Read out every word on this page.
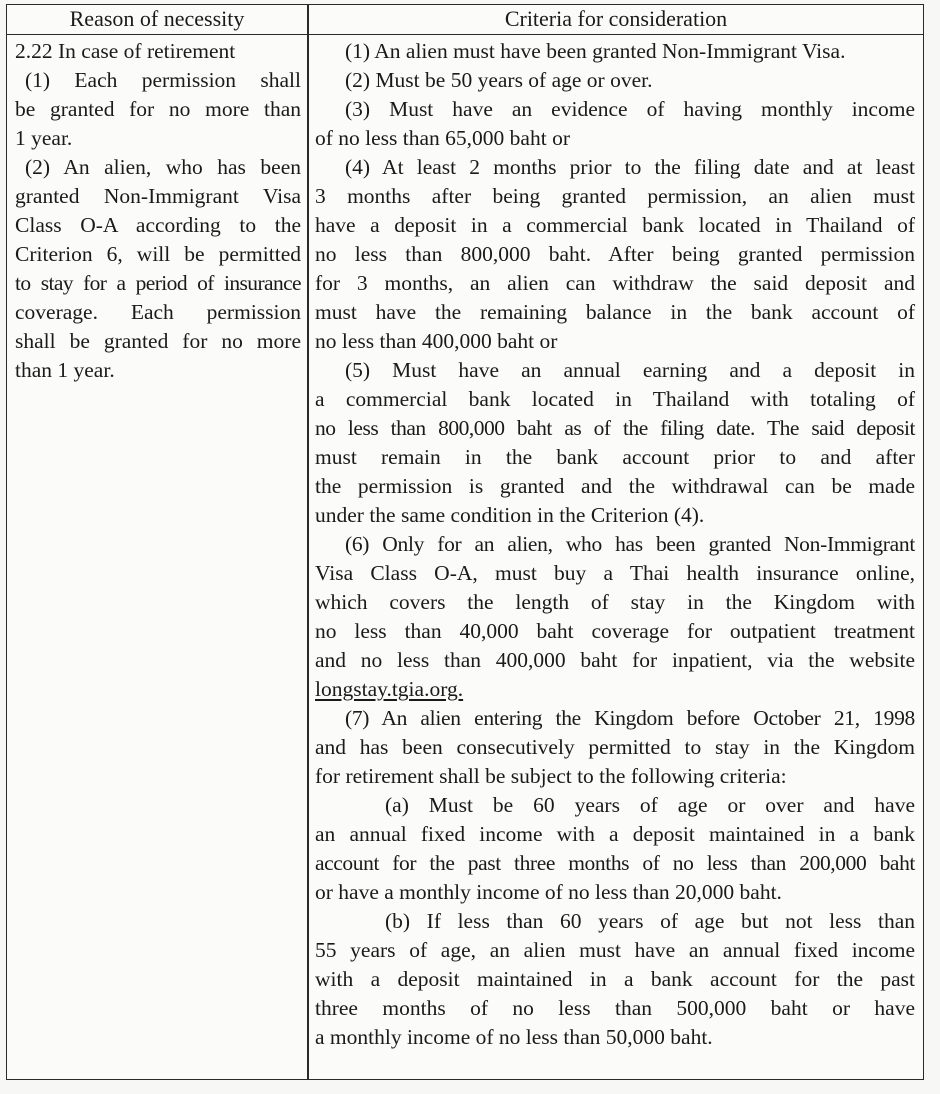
Reason of necessity	Criteria for consideration
2.22 In case of retirement
(1) Each permission shall
be granted for no more than
1 year.
(2) An alien, who has been
granted Non-Immigrant Visa
Class O-A according to the
Criterion 6, will be permitted
to stay for a period of insurance
coverage. Each permission
shall be granted for no more
than 1 year.
(1) An alien must have been granted Non-Immigrant Visa.
(2) Must be 50 years of age or over.
(3) Must have an evidence of having monthly income
of no less than 65,000 baht or
(4) At least 2 months prior to the filing date and at least
3 months after being granted permission, an alien must
have a deposit in a commercial bank located in Thailand of
no less than 800,000 baht. After being granted permission
for 3 months, an alien can withdraw the said deposit and
must have the remaining balance in the bank account of
no less than 400,000 baht or
(5) Must have an annual earning and a deposit in
a commercial bank located in Thailand with totaling of
no less than 800,000 baht as of the filing date. The said deposit
must remain in the bank account prior to and after
the permission is granted and the withdrawal can be made
under the same condition in the Criterion (4).
(6) Only for an alien, who has been granted Non-Immigrant
Visa Class O-A, must buy a Thai health insurance online,
which covers the length of stay in the Kingdom with
no less than 40,000 baht coverage for outpatient treatment
and no less than 400,000 baht for inpatient, via the website
longstay.tgia.org.
(7) An alien entering the Kingdom before October 21, 1998
and has been consecutively permitted to stay in the Kingdom
for retirement shall be subject to the following criteria:
(a) Must be 60 years of age or over and have
an annual fixed income with a deposit maintained in a bank
account for the past three months of no less than 200,000 baht
or have a monthly income of no less than 20,000 baht.
(b) If less than 60 years of age but not less than
55 years of age, an alien must have an annual fixed income
with a deposit maintained in a bank account for the past
three months of no less than 500,000 baht or have
a monthly income of no less than 50,000 baht.
